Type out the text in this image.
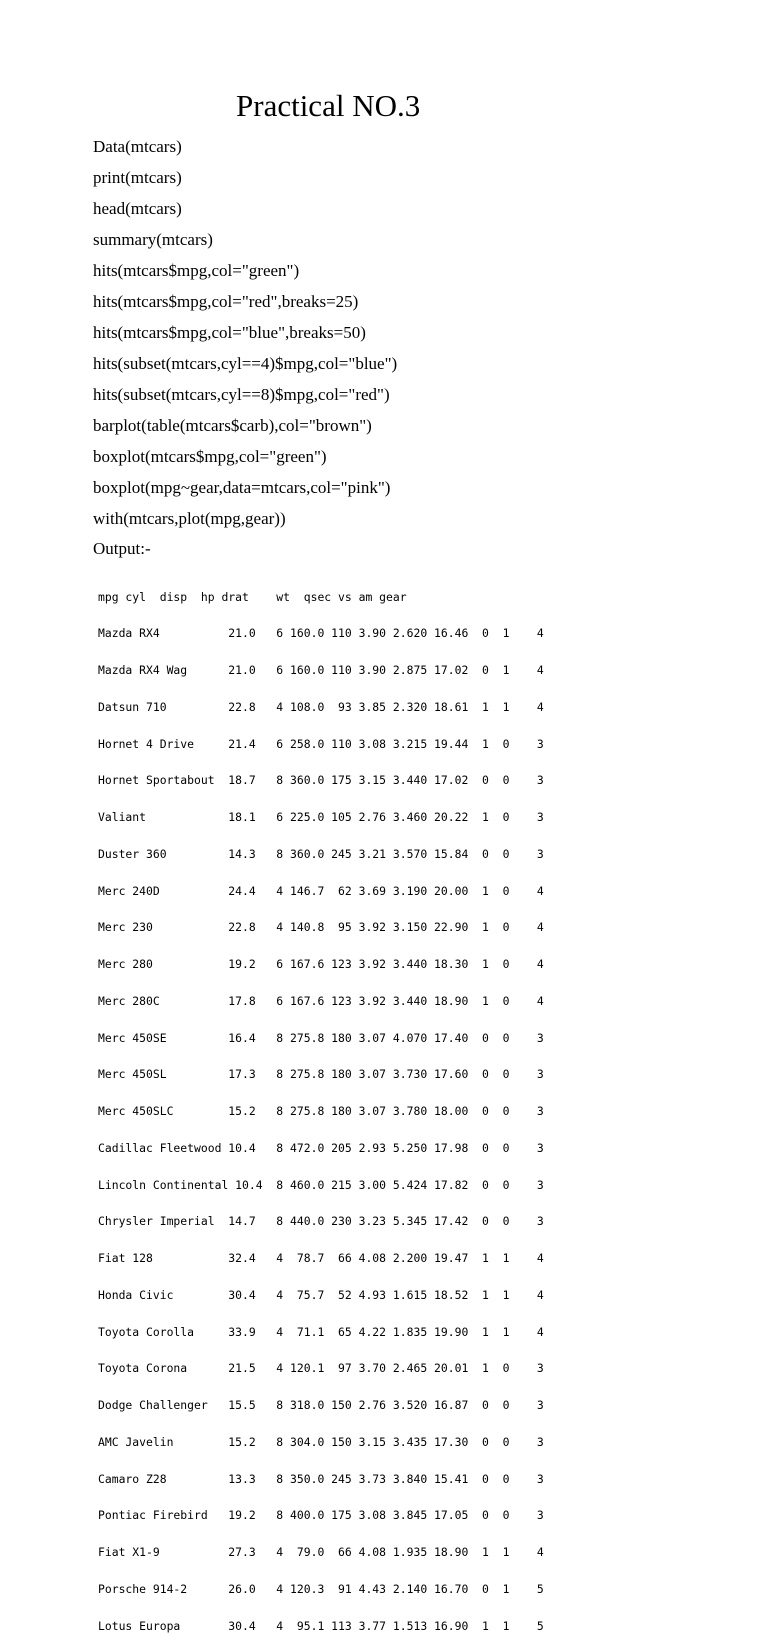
Practical NO.3
Data(mtcars)
print(mtcars)
head(mtcars)
summary(mtcars)
hits(mtcars$mpg,col="green")
hits(mtcars$mpg,col="red",breaks=25)
hits(mtcars$mpg,col="blue",breaks=50)
hits(subset(mtcars,cyl==4)$mpg,col="blue")
hits(subset(mtcars,cyl==8)$mpg,col="red")
barplot(table(mtcars$carb),col="brown")
boxplot(mtcars$mpg,col="green")
boxplot(mpg~gear,data=mtcars,col="pink")
with(mtcars,plot(mpg,gear))
Output:-

mpg cyl  disp  hp drat    wt  qsec vs am gear

Mazda RX4          21.0   6 160.0 110 3.90 2.620 16.46  0  1    4

Mazda RX4 Wag      21.0   6 160.0 110 3.90 2.875 17.02  0  1    4

Datsun 710         22.8   4 108.0  93 3.85 2.320 18.61  1  1    4

Hornet 4 Drive     21.4   6 258.0 110 3.08 3.215 19.44  1  0    3

Hornet Sportabout  18.7   8 360.0 175 3.15 3.440 17.02  0  0    3

Valiant            18.1   6 225.0 105 2.76 3.460 20.22  1  0    3

Duster 360         14.3   8 360.0 245 3.21 3.570 15.84  0  0    3

Merc 240D          24.4   4 146.7  62 3.69 3.190 20.00  1  0    4

Merc 230           22.8   4 140.8  95 3.92 3.150 22.90  1  0    4

Merc 280           19.2   6 167.6 123 3.92 3.440 18.30  1  0    4

Merc 280C          17.8   6 167.6 123 3.92 3.440 18.90  1  0    4

Merc 450SE         16.4   8 275.8 180 3.07 4.070 17.40  0  0    3

Merc 450SL         17.3   8 275.8 180 3.07 3.730 17.60  0  0    3

Merc 450SLC        15.2   8 275.8 180 3.07 3.780 18.00  0  0    3

Cadillac Fleetwood 10.4   8 472.0 205 2.93 5.250 17.98  0  0    3

Lincoln Continental 10.4  8 460.0 215 3.00 5.424 17.82  0  0    3

Chrysler Imperial  14.7   8 440.0 230 3.23 5.345 17.42  0  0    3

Fiat 128           32.4   4  78.7  66 4.08 2.200 19.47  1  1    4

Honda Civic        30.4   4  75.7  52 4.93 1.615 18.52  1  1    4

Toyota Corolla     33.9   4  71.1  65 4.22 1.835 19.90  1  1    4

Toyota Corona      21.5   4 120.1  97 3.70 2.465 20.01  1  0    3

Dodge Challenger   15.5   8 318.0 150 2.76 3.520 16.87  0  0    3

AMC Javelin        15.2   8 304.0 150 3.15 3.435 17.30  0  0    3

Camaro Z28         13.3   8 350.0 245 3.73 3.840 15.41  0  0    3

Pontiac Firebird   19.2   8 400.0 175 3.08 3.845 17.05  0  0    3

Fiat X1-9          27.3   4  79.0  66 4.08 1.935 18.90  1  1    4

Porsche 914-2      26.0   4 120.3  91 4.43 2.140 16.70  0  1    5

Lotus Europa       30.4   4  95.1 113 3.77 1.513 16.90  1  1    5
